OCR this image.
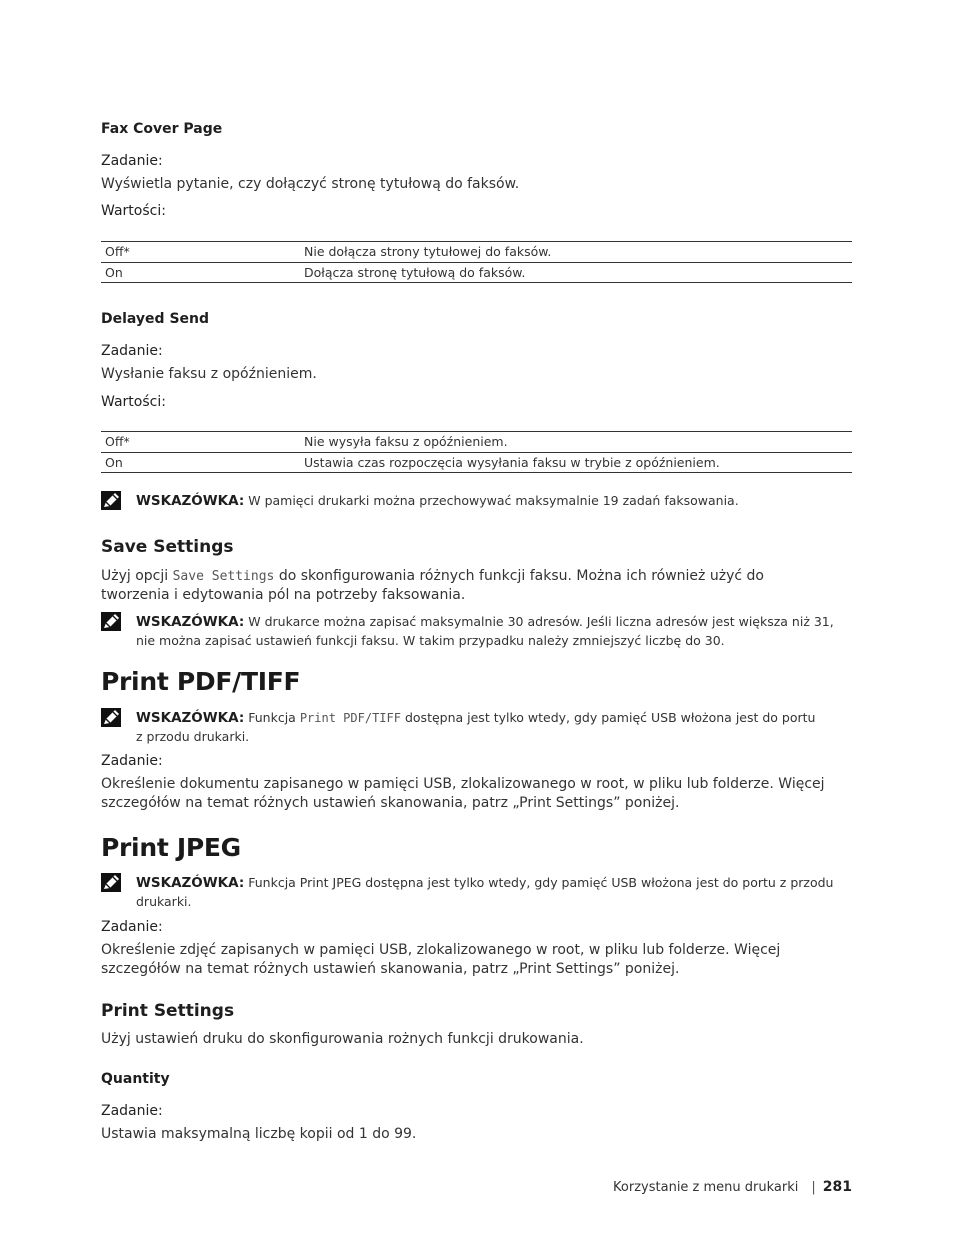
Fax Cover Page
Zadanie:
Wyświetla pytanie, czy dołączyć stronę tytułową do faksów.
Wartości:
Off*	Nie dołącza strony tytułowej do faksów.
On	Dołącza stronę tytułową do faksów.
Delayed Send
Zadanie:
Wysłanie faksu z opóźnieniem.
Wartości:
Off*	Nie wysyła faksu z opóźnieniem.
On	Ustawia czas rozpoczęcia wysyłania faksu w trybie z opóźnieniem.
WSKAZÓWKA: W pamięci drukarki można przechowywać maksymalnie 19 zadań faksowania.
Save Settings
Użyj opcji Save Settings do skonfigurowania różnych funkcji faksu. Można ich również użyć do
tworzenia i edytowania pól na potrzeby faksowania.
WSKAZÓWKA: W drukarce można zapisać maksymalnie 30 adresów. Jeśli liczna adresów jest większa niż 31,
nie można zapisać ustawień funkcji faksu. W takim przypadku należy zmniejszyć liczbę do 30.
Print PDF/TIFF
WSKAZÓWKA: Funkcja Print PDF/TIFF dostępna jest tylko wtedy, gdy pamięć USB włożona jest do portu
z przodu drukarki.
Zadanie:
Określenie dokumentu zapisanego w pamięci USB, zlokalizowanego w root, w pliku lub folderze. Więcej
szczegółów na temat różnych ustawień skanowania, patrz „Print Settings” poniżej.
Print JPEG
WSKAZÓWKA: Funkcja Print JPEG dostępna jest tylko wtedy, gdy pamięć USB włożona jest do portu z przodu
drukarki.
Zadanie:
Określenie zdjęć zapisanych w pamięci USB, zlokalizowanego w root, w pliku lub folderze. Więcej
szczegółów na temat różnych ustawień skanowania, patrz „Print Settings” poniżej.
Print Settings
Użyj ustawień druku do skonfigurowania rożnych funkcji drukowania.
Quantity
Zadanie:
Ustawia maksymalną liczbę kopii od 1 do 99.
Korzystanie z menu drukarki | 281
